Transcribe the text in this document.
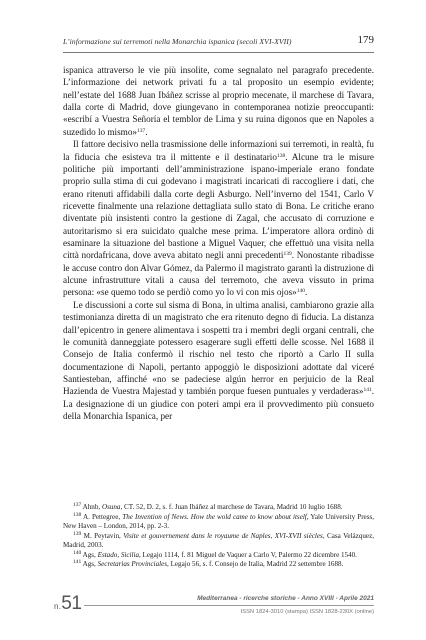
L’informazione sui terremoti nella Monarchia ispanica (secoli XVI-XVII)	179

ispanica attraverso le vie più insolite, come segnalato nel paragrafo precedente. L’informazione dei network privati fu a tal proposito un esempio evidente; nell’estate del 1688 Juan Ibáñez scrisse al proprio mecenate, il marchese di Tavara, dalla corte di Madrid, dove giungevano in contemporanea notizie preoccupanti: «escribí a Vuestra Señoría el temblor de Lima y su ruina digonos que en Napoles a suzedido lo mismo»$^{137}$.

Il fattore decisivo nella trasmissione delle informazioni sui terremoti, in realtà, fu la fiducia che esisteva tra il mittente e il destinatario$^{138}$. Alcune tra le misure politiche più importanti dell’amministrazione ispano-imperiale erano fondate proprio sulla stima di cui godevano i magistrati incaricati di raccogliere i dati, che erano ritenuti affidabili dalla corte degli Asburgo. Nell’inverno del 1541, Carlo V ricevette finalmente una relazione dettagliata sullo stato di Bona. Le critiche erano diventate più insistenti contro la gestione di Zagal, che accusato di corruzione e autoritarismo si era suicidato qualche mese prima. L’imperatore allora ordinò di esaminare la situazione del bastione a Miguel Vaquer, che effettuò una visita nella città nordafricana, dove aveva abitato negli anni precedenti$^{139}$. Nonostante ribadisse le accuse contro don Alvar Gómez, da Palermo il magistrato garantì la distruzione di alcune infrastrutture vitali a causa del terremoto, che aveva vissuto in prima persona: «se quemo todo se perdiò como yo lo vi con mis ojos»$^{140}$.

Le discussioni a corte sul sisma di Bona, in ultima analisi, cambiarono grazie alla testimonianza diretta di un magistrato che era ritenuto degno di fiducia. La distanza dall’epicentro in genere alimentava i sospetti tra i membri degli organi centrali, che le comunità danneggiate potessero esagerare sugli effetti delle scosse. Nel 1688 il Consejo de Italia confermò il rischio nel testo che riportò a Carlo II sulla documentazione di Napoli, pertanto appoggiò le disposizioni adottate dal viceré Santiesteban, affinché «no se padeciese algún herror en perjuicio de la Real Hazienda de Vuestra Majestad y también porque fuesen puntuales y verdaderas»$^{141}$. La designazione di un giudice con poteri ampi era il provvedimento più consueto della Monarchia Ispanica, per

$^{137}$ Ahnb, Osuna, CT. 52, D. 2, s. f. Juan Ibáñez al marchese de Tavara, Madrid 10 luglio 1688.

$^{138}$ A. Pettegree, The Invention of News. How the wold came to know about itself, Yale University Press, New Haven – London, 2014, pp. 2-3.

$^{139}$ M. Peytavin, Visite et gouvernement dans le royaume de Naples, XVI-XVII siècles, Casa Velázquez, Madrid, 2003.

$^{140}$ Ags, Estado, Sicilia, Legajo 1114, f. 81 Miguel de Vaquer a Carlo V, Palermo 22 dicembre 1540.

$^{141}$ Ags, Secretarias Provinciales, Legajo 56, s. f. Consejo de Italia, Madrid 22 settembre 1688.

n.51	Mediterranea - ricerche storiche - Anno XVIII - Aprile 2021
ISSN 1824-3010 (stampa) ISSN 1828-230X (online)
